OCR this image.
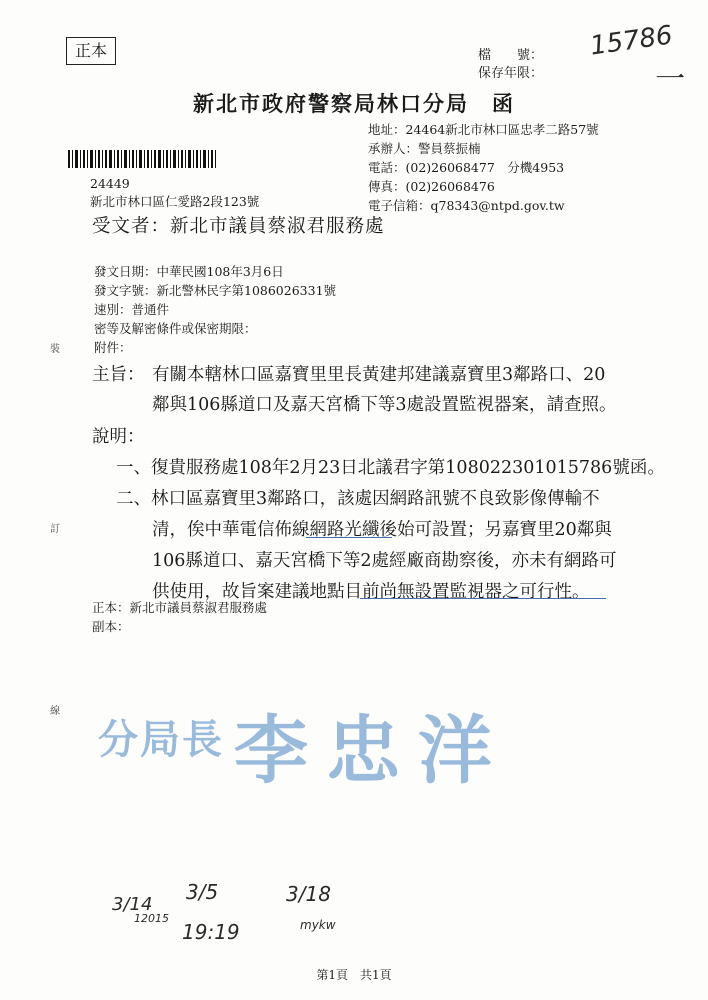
正本	檔　　號：
保存年限：
15786
一
新北市政府警察局林口分局　函
地址：24464新北市林口區忠孝二路57號
承辦人：警員蔡振楠
電話：(02)26068477　分機4953
傳真：(02)26068476
電子信箱：q78343@ntpd.gov.tw
24449
新北市林口區仁愛路2段123號
受文者：新北市議員蔡淑君服務處
發文日期：中華民國108年3月6日
發文字號：新北警林民字第1086026331號
速別：普通件
密等及解密條件或保密期限：
附件：
裝
訂
線
主旨： 有關本轄林口區嘉寶里里長黃建邦建議嘉寶里3鄰路口、20
鄰與106縣道口及嘉天宮橋下等3處設置監視器案，請查照。
說明：
一、復貴服務處108年2月23日北議君字第108022301015786號函。
二、林口區嘉寶里3鄰路口，該處因網路訊號不良致影像傳輸不
清，俟中華電信佈線網路光纖後始可設置；另嘉寶里20鄰與
106縣道口、嘉天宮橋下等2處經廠商勘察後，亦未有網路可
供使用，故旨案建議地點目前尚無設置監視器之可行性。
正本：新北市議員蔡淑君服務處
副本：
分局長 李忠洋
3/14
12015
3/5
19:19
3/18
mykw
第1頁　共1頁
